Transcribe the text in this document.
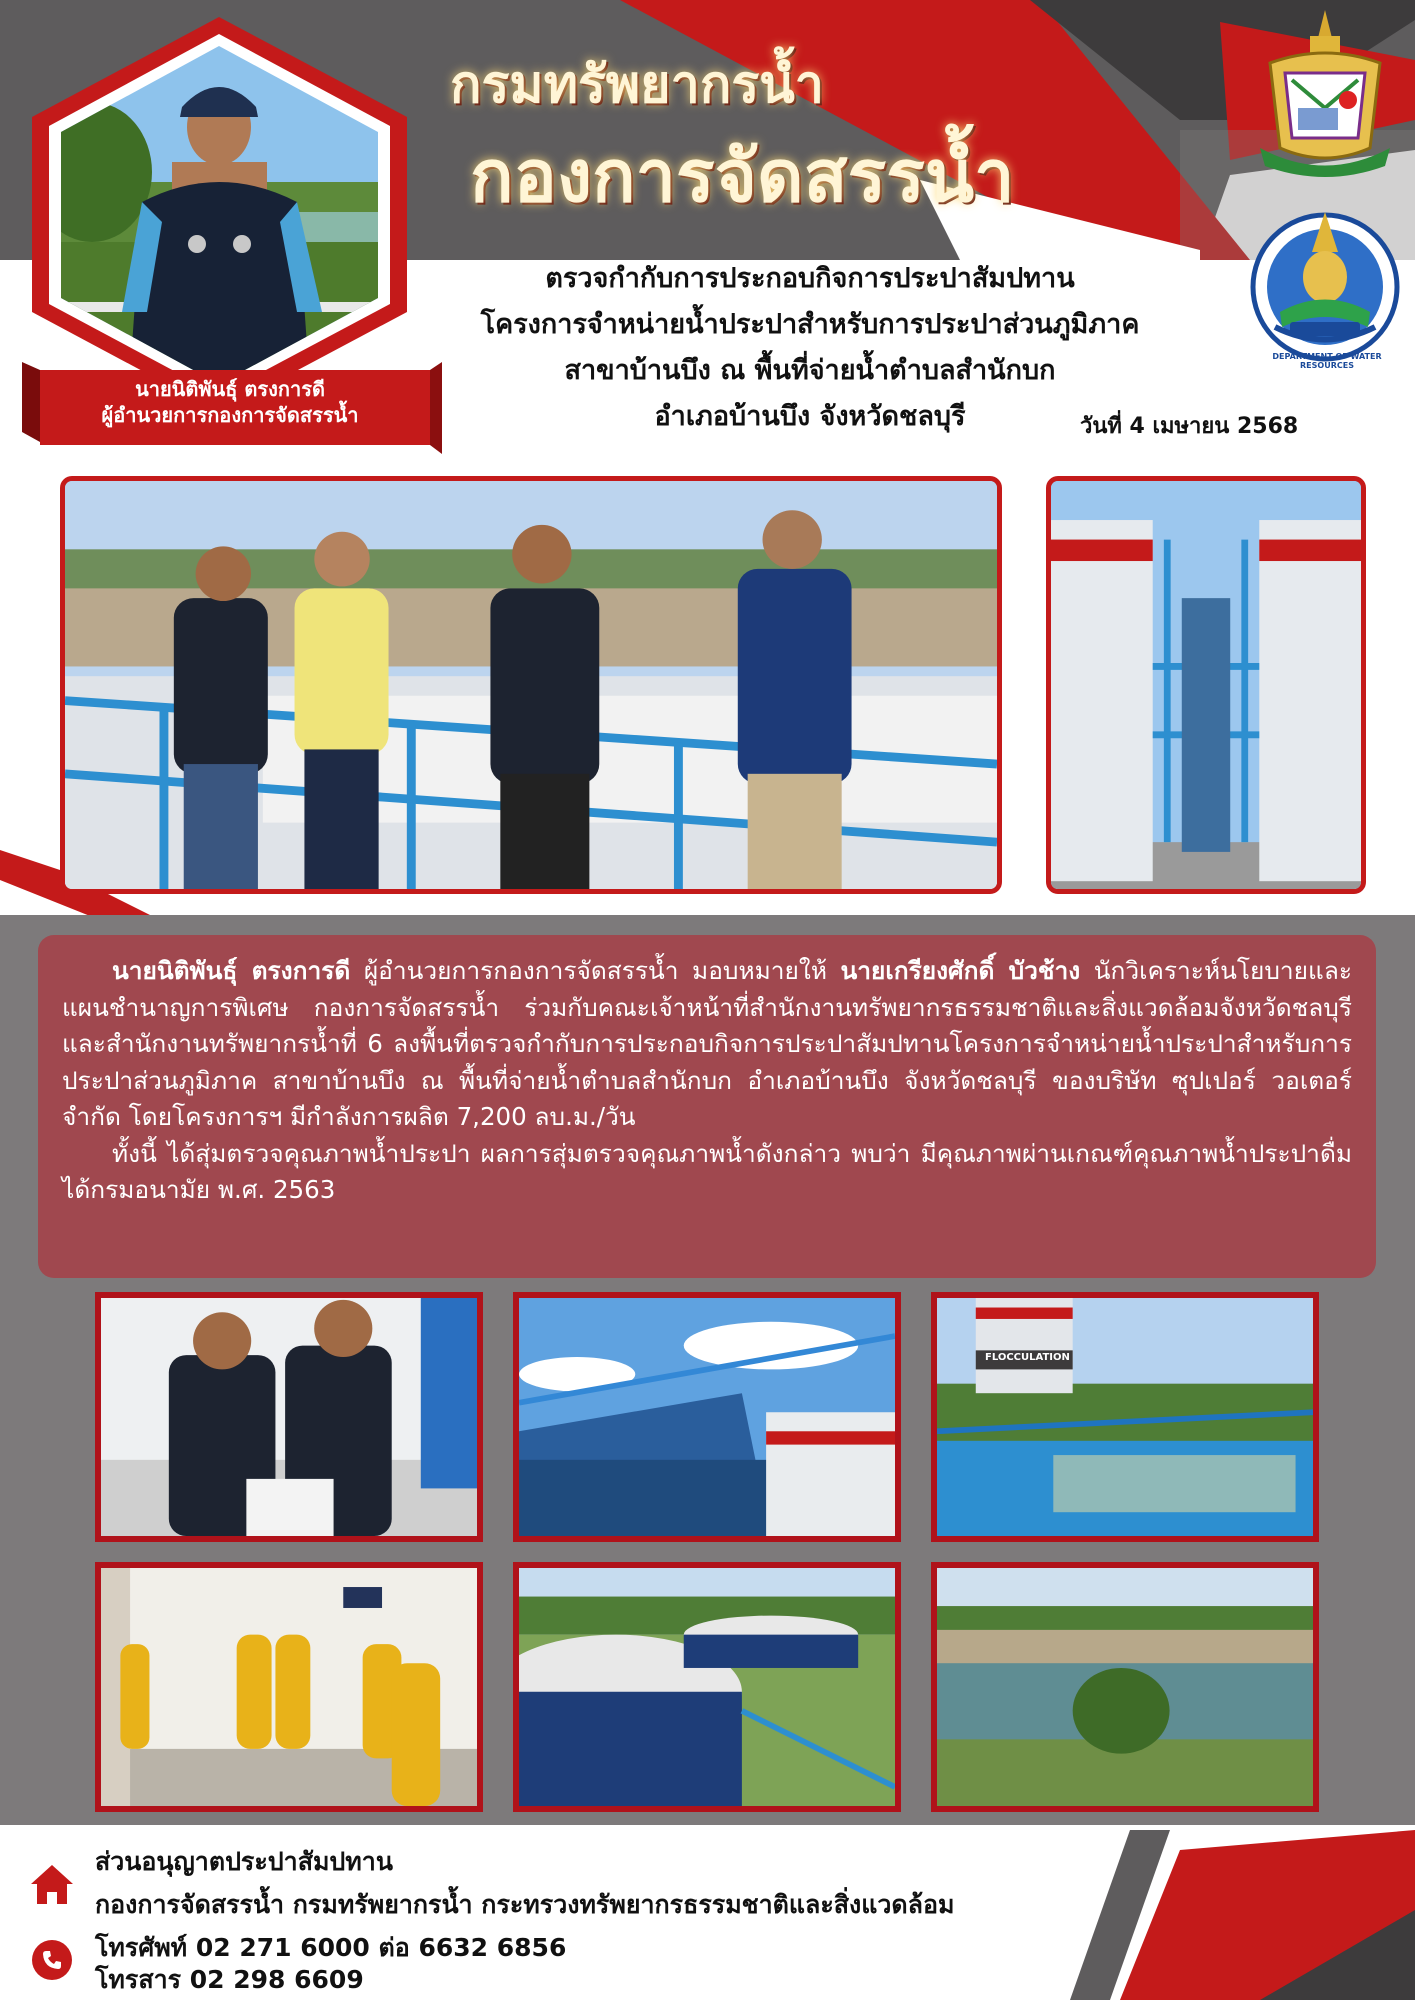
นายนิติพันธุ์ ตรงการดี
ผู้อำนวยการกองการจัดสรรน้ำ
กรมทรัพยากรน้ำ
กองการจัดสรรน้ำ
DEPARTMENT OF WATER RESOURCES
ตรวจกำกับการประกอบกิจการประปาสัมปทาน
โครงการจำหน่ายน้ำประปาสำหรับการประปาส่วนภูมิภาค
สาขาบ้านบึง ณ พื้นที่จ่ายน้ำตำบลสำนักบก
อำเภอบ้านบึง จังหวัดชลบุรี	วันที่ 4 เมษายน 2568

นายนิติพันธุ์ ตรงการดี ผู้อำนวยการกองการจัดสรรน้ำ มอบหมายให้ นายเกรียงศักดิ์ บัวช้าง นักวิเคราะห์นโยบายและแผนชำนาญการพิเศษ กองการจัดสรรน้ำ ร่วมกับคณะเจ้าหน้าที่สำนักงานทรัพยากรธรรมชาติและสิ่งแวดล้อมจังหวัดชลบุรี และสำนักงานทรัพยากรน้ำที่ 6 ลงพื้นที่ตรวจกำกับการประกอบกิจการประปาสัมปทานโครงการจำหน่ายน้ำประปาสำหรับการประปาส่วนภูมิภาค สาขาบ้านบึง ณ พื้นที่จ่ายน้ำตำบลสำนักบก อำเภอบ้านบึง จังหวัดชลบุรี ของบริษัท ซุปเปอร์ วอเตอร์ จำกัด โดยโครงการฯ มีกำลังการผลิต 7,200 ลบ.ม./วัน

ทั้งนี้ ได้สุ่มตรวจคุณภาพน้ำประปา ผลการสุ่มตรวจคุณภาพน้ำดังกล่าว พบว่า มีคุณภาพผ่านเกณฑ์คุณภาพน้ำประปาดื่มได้กรมอนามัย พ.ศ. 2563

FLOCCULATION
ส่วนอนุญาตประปาสัมปทาน
กองการจัดสรรน้ำ กรมทรัพยากรน้ำ กระทรวงทรัพยากรธรรมชาติและสิ่งแวดล้อม
โทรศัพท์ 02 271 6000 ต่อ 6632 6856
โทรสาร 02 298 6609
